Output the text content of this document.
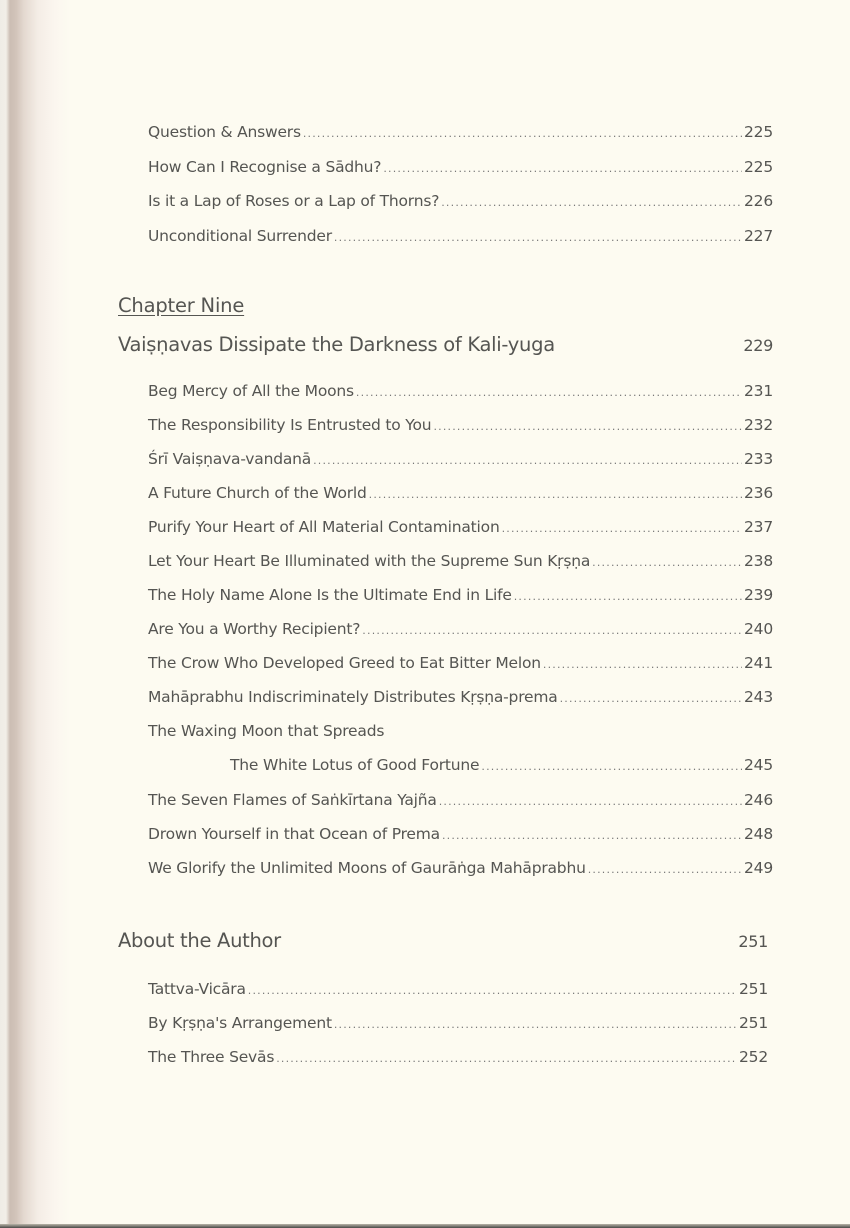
Question & Answers .....	225
How Can I Recognise a Sādhu? .....	225
Is it a Lap of Roses or a Lap of Thorns? .....	226
Unconditional Surrender .....	227
Chapter Nine
Vaiṣṇavas Dissipate the Darkness of Kali-yuga	229
Beg Mercy of All the Moons .....	231
The Responsibility Is Entrusted to You .....	232
Śrī Vaiṣṇava-vandanā .....	233
A Future Church of the World .....	236
Purify Your Heart of All Material Contamination .....	237
Let Your Heart Be Illuminated with the Supreme Sun Kṛṣṇa .....	238
The Holy Name Alone Is the Ultimate End in Life .....	239
Are You a Worthy Recipient? .....	240
The Crow Who Developed Greed to Eat Bitter Melon .....	241
Mahāprabhu Indiscriminately Distributes Kṛṣṇa-prema .....	243
The Waxing Moon that Spreads
The White Lotus of Good Fortune .....	245
The Seven Flames of Saṅkīrtana Yajña .....	246
Drown Yourself in that Ocean of Prema .....	248
We Glorify the Unlimited Moons of Gaurāṅga Mahāprabhu .....	249
About the Author	251
Tattva-Vicāra .....	251
By Kṛṣṇa's Arrangement .....	251
The Three Sevās .....	252
